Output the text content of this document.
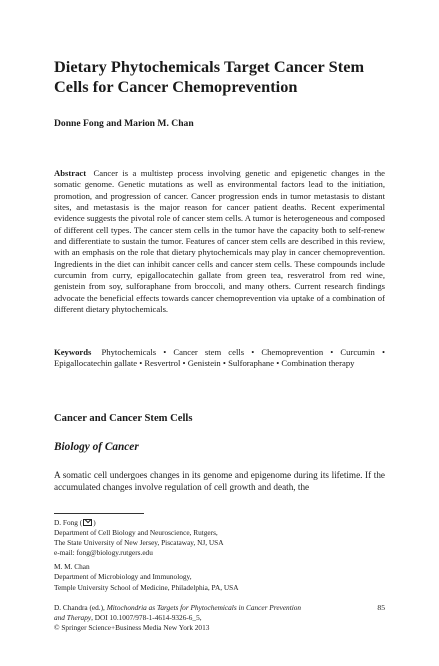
Dietary Phytochemicals Target Cancer Stem Cells for Cancer Chemoprevention
Donne Fong and Marion M. Chan
Abstract Cancer is a multistep process involving genetic and epigenetic changes in the somatic genome. Genetic mutations as well as environmental factors lead to the initiation, promotion, and progression of cancer. Cancer progression ends in tumor metastasis to distant sites, and metastasis is the major reason for cancer patient deaths. Recent experimental evidence suggests the pivotal role of cancer stem cells. A tumor is heterogeneous and composed of different cell types. The cancer stem cells in the tumor have the capacity both to self-renew and differentiate to sustain the tumor. Features of cancer stem cells are described in this review, with an emphasis on the role that dietary phytochemicals may play in cancer chemoprevention. Ingredients in the diet can inhibit cancer cells and cancer stem cells. These compounds include curcumin from curry, epigallocatechin gallate from green tea, resveratrol from red wine, genistein from soy, sulforaphane from broccoli, and many others. Current research findings advocate the beneficial effects towards cancer chemoprevention via uptake of a combination of different dietary phytochemicals.
Keywords Phytochemicals • Cancer stem cells • Chemoprevention • Curcumin • Epigallocatechin gallate • Resvertrol • Genistein • Sulforaphane • Combination therapy
Cancer and Cancer Stem Cells
Biology of Cancer
A somatic cell undergoes changes in its genome and epigenome during its lifetime. If the accumulated changes involve regulation of cell growth and death, the
D. Fong ( )
Department of Cell Biology and Neuroscience, Rutgers,
The State University of New Jersey, Piscataway, NJ, USA
e-mail: fong@biology.rutgers.edu
M. M. Chan
Department of Microbiology and Immunology,
Temple University School of Medicine, Philadelphia, PA, USA
D. Chandra (ed.), Mitochondria as Targets for Phytochemicals in Cancer Prevention
and Therapy, DOI 10.1007/978-1-4614-9326-6_5,
© Springer Science+Business Media New York 2013
85
